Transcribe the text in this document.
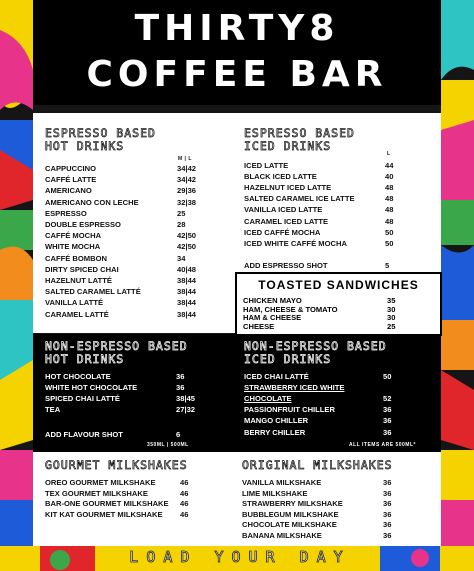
THIRTY8
COFFEE BAR
ESPRESSO BASED
HOT DRINKS
M | L
CAPPUCCINO	34|42
CAFFÉ LATTE	34|42
AMERICANO	29|36
AMERICANO CON LECHE	32|38
ESPRESSO	25
DOUBLE ESPRESSO	28
CAFFÉ MOCHA	42|50
WHITE MOCHA	42|50
CAFFÉ BOMBON	34
DIRTY SPICED CHAI	40|48
HAZELNUT LATTÉ	38|44
SALTED CARAMEL LATTÉ	38|44
VANILLA LATTÉ	38|44
CARAMEL LATTÉ	38|44
ESPRESSO BASED
ICED DRINKS
L
ICED LATTE	44
BLACK ICED LATTE	40
HAZELNUT ICED LATTE	48
SALTED CARAMEL ICE LATTE	48
VANILLA ICED LATTE	48
CARAMEL ICED LATTE	48
ICED CAFFÉ MOCHA	50
ICED WHITE CAFFÉ MOCHA	50
ADD ESPRESSO SHOT	5
TOASTED SANDWICHES
CHICKEN MAYO	35
HAM, CHEESE & TOMATO	30
HAM & CHEESE	30
CHEESE	25
NON-ESPRESSO BASED
HOT DRINKS
HOT CHOCOLATE	36
WHITE HOT CHOCOLATE	36
SPICED CHAI LATTÉ	38|45
TEA	27|32
ADD FLAVOUR SHOT	6
350ML | 500ML
NON-ESPRESSO BASED
ICED DRINKS
ICED CHAI LATTÉ	50
STRAWBERRY ICED WHITE
CHOCOLATE	52
PASSIONFRUIT CHILLER	36
MANGO CHILLER	36
BERRY CHILLER	36
ALL ITEMS ARE 500ML*
GOURMET MILKSHAKES
OREO GOURMET MILKSHAKE	46
TEX GOURMET MILKSHAKE	46
BAR-ONE GOURMET MILKSHAKE 46
KIT KAT GOURMET MILKSHAKE 46
ORIGINAL MILKSHAKES
VANILLA MILKSHAKE	36
LIME MILKSHAKE	36
STRAWBERRY MILKSHAKE	36
BUBBLEGUM MILKSHAKE	36
CHOCOLATE MILKSHAKE	36
BANANA MILKSHAKE	36
LOAD YOUR DAY
